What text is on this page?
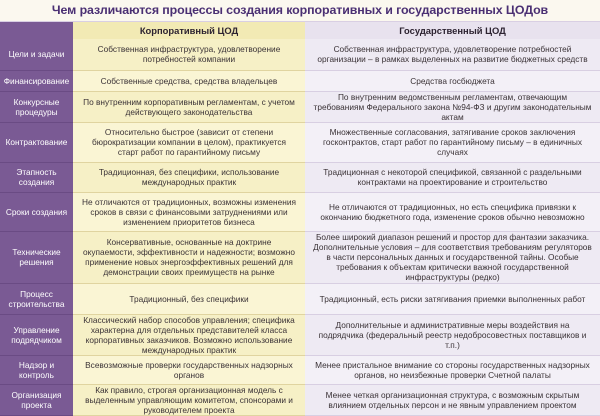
Чем различаются процессы создания корпоративных и государственных ЦОДов
	Корпоративный ЦОД	Государственный ЦОД
Цели и задачи	Собственная инфраструктура, удовлетворение потребностей компании	Собственная инфраструктура, удовлетворение потребностей организации – в рамках выделенных на развитие бюджетных средств
Финансирование	Собственные средства, средства владельцев	Средства госбюджета
Конкурсные процедуры	По внутренним корпоративным регламентам, с учетом действующего законодательства	По внутренним ведомственным регламентам, отвечающим требованиям Федерального закона №94-ФЗ и другим законодательным актам
Контрактование	Относительно быстрое (зависит от степени бюрократизации компании в целом), практикуется старт работ по гарантийному письму	Множественные согласования, затягивание сроков заключения госконтрактов, старт работ по гарантийному письму – в единичных случаях
Этапность создания	Традиционная, без специфики, использование международных практик	Традиционная с некоторой спецификой, связанной с раздельными контрактами на проектирование и строительство
Сроки создания	Не отличаются от традиционных, возможны изменения сроков в связи с финансовыми затруднениями или изменением приоритетов бизнеса	Не отличаются от традиционных, но есть специфика привязки к окончанию бюджетного года, изменение сроков обычно невозможно
Технические решения	Консервативные, основанные на доктрине окупаемости, эффективности и надежности; возможно применение новых энергоэффективных решений для демонстрации своих преимуществ на рынке	Более широкий диапазон решений и простор для фантазии заказчика. Дополнительные условия – для соответствия требованиям регуляторов в части персональных данных и государственной тайны. Особые требования к объектам критически важной государственной инфраструктуры (редко)
Процесс строительства	Традиционный, без специфики	Традиционный, есть риски затягивания приемки выполненных работ
Управление подрядчиком	Классический набор способов управления; специфика характерна для отдельных представителей класса корпоративных заказчиков. Возможно использование международных практик	Дополнительные и административные меры воздействия на подрядчика (федеральный реестр недобросовестных поставщиков и т.п.)
Надзор и контроль	Всевозможные проверки государственных надзорных органов	Менее пристальное внимание со стороны государственных надзорных органов, но неизбежные проверки Счетной палаты
Организация проекта	Как правило, строгая организационная модель с выделенным управляющим комитетом, спонсорами и руководителем проекта	Менее четкая организационная структура, с возможным скрытым влиянием отдельных персон и не явным управлением проектом
